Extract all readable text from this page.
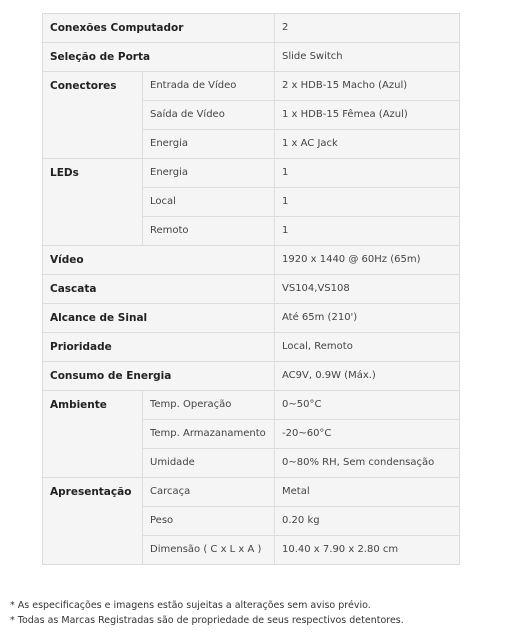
Conexões Computador		2
Seleção de Porta		Slide Switch
Conectores	Entrada de Vídeo	2 x HDB-15 Macho (Azul)
	Saída de Vídeo	1 x HDB-15 Fêmea (Azul)
	Energia	1 x AC Jack
LEDs	Energia	1
	Local	1
	Remoto	1
Vídeo		1920 x 1440 @ 60Hz (65m)
Cascata		VS104,VS108
Alcance de Sinal		Até 65m (210')
Prioridade		Local, Remoto
Consumo de Energia		AC9V, 0.9W (Máx.)
Ambiente	Temp. Operação	0~50°C
	Temp. Armazanamento	-20~60°C
	Umidade	0~80% RH, Sem condensação
Apresentação	Carcaça	Metal
	Peso	0.20 kg
	Dimensão ( C x L x A )	10.40 x 7.90 x 2.80 cm
* As especificações e imagens estão sujeitas a alterações sem aviso prévio.
* Todas as Marcas Registradas são de propriedade de seus respectivos detentores.
